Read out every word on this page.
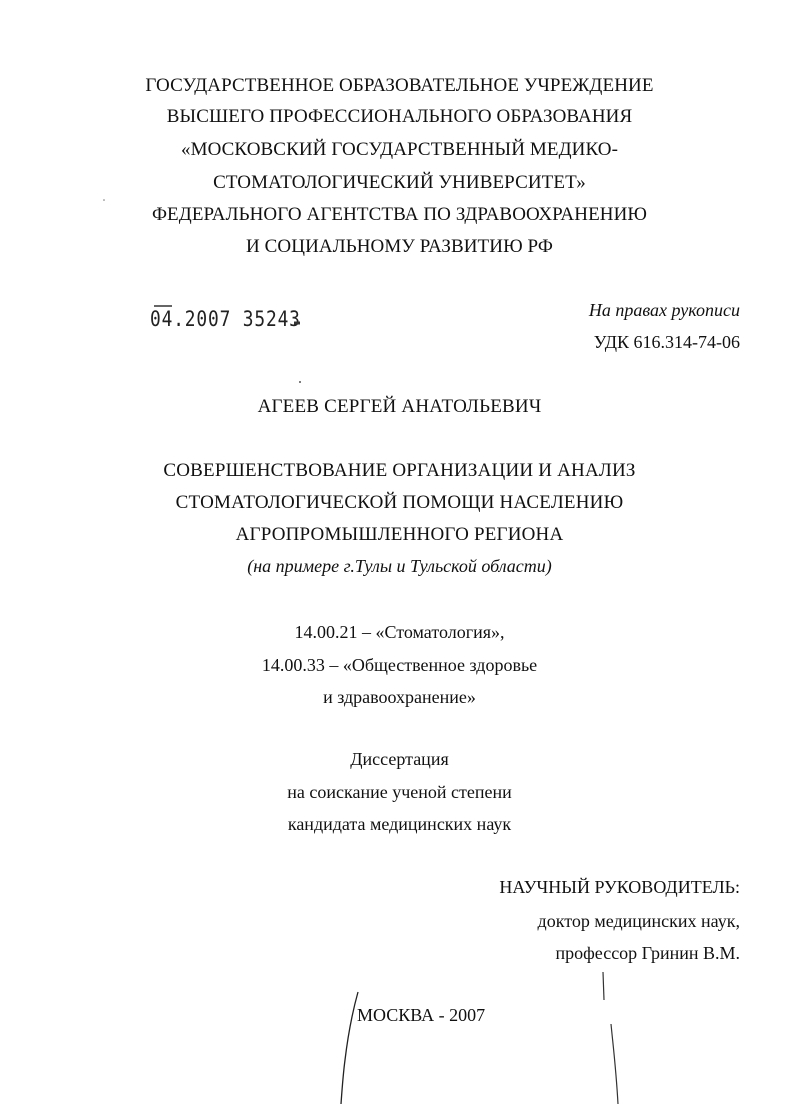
ГОСУДАРСТВЕННОЕ ОБРАЗОВАТЕЛЬНОЕ УЧРЕЖДЕНИЕ
ВЫСШЕГО ПРОФЕССИОНАЛЬНОГО ОБРАЗОВАНИЯ
«МОСКОВСКИЙ ГОСУДАРСТВЕННЫЙ МЕДИКО-
СТОМАТОЛОГИЧЕСКИЙ УНИВЕРСИТЕТ»
ФЕДЕРАЛЬНОГО АГЕНТСТВА ПО ЗДРАВООХРАНЕНИЮ
И СОЦИАЛЬНОМУ РАЗВИТИЮ РФ
04.2007 35243	На правах рукописи
УДК 616.314-74-06
АГЕЕВ СЕРГЕЙ АНАТОЛЬЕВИЧ
СОВЕРШЕНСТВОВАНИЕ ОРГАНИЗАЦИИ И АНАЛИЗ
СТОМАТОЛОГИЧЕСКОЙ ПОМОЩИ НАСЕЛЕНИЮ
АГРОПРОМЫШЛЕННОГО РЕГИОНА
(на примере г.Тулы и Тульской области)
14.00.21 – «Стоматология»,
14.00.33 – «Общественное здоровье
и здравоохранение»
Диссертация
на соискание ученой степени
кандидата медицинских наук
НАУЧНЫЙ РУКОВОДИТЕЛЬ:
доктор медицинских наук,
профессор Гринин В.М.
МОСКВА - 2007
